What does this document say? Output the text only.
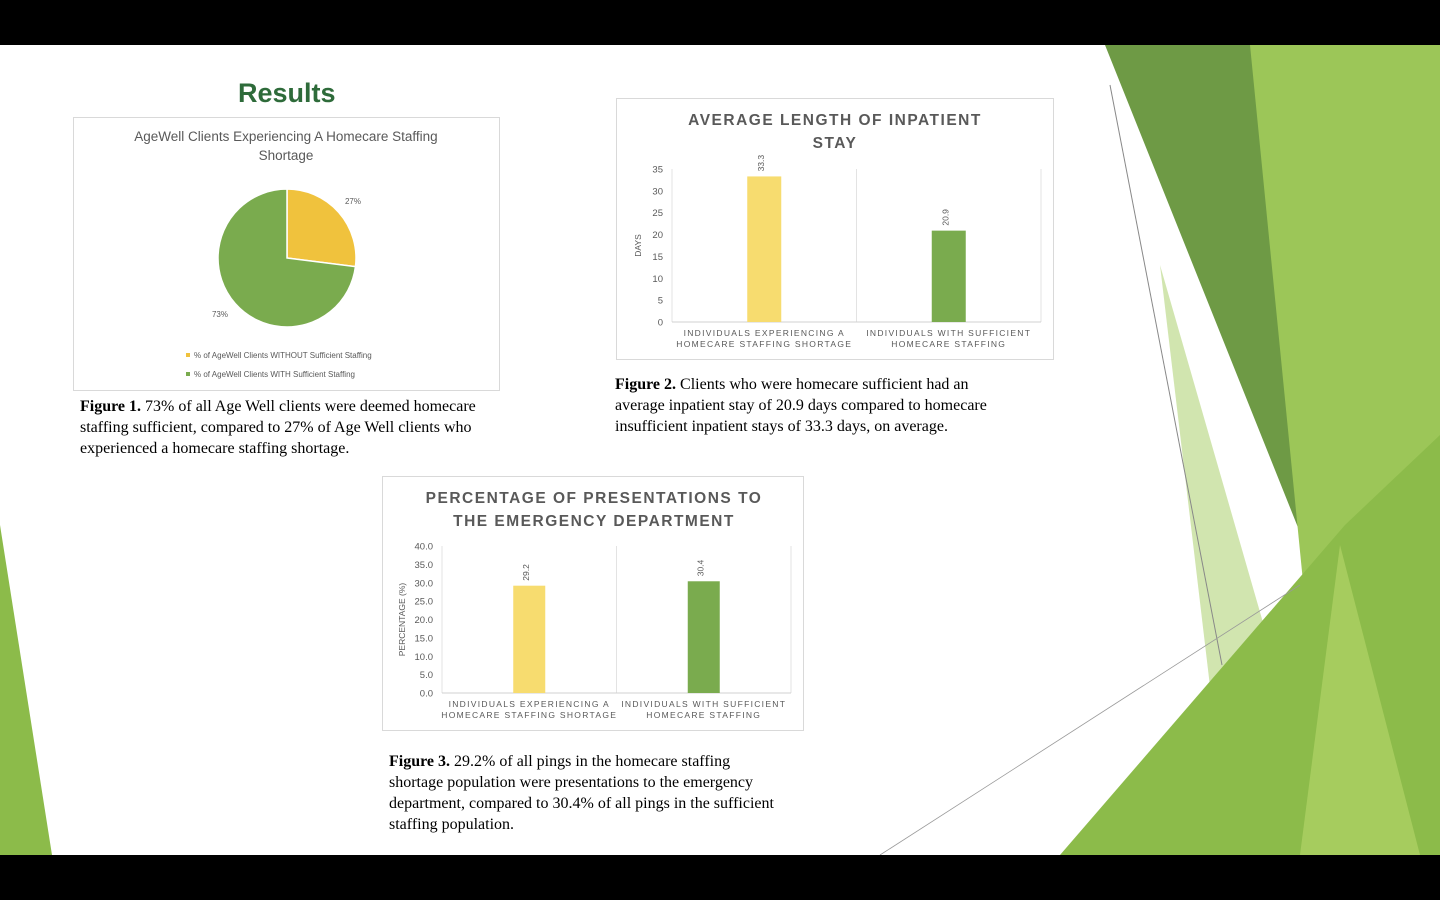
Results
AgeWell Clients Experiencing A Homecare Staffing
Shortage
27%
73%
% of AgeWell Clients WITHOUT Sufficient Staffing
% of AgeWell Clients WITH Sufficient Staffing
Figure 1. 73% of all Age Well clients were deemed homecare staffing sufficient, compared to 27% of Age Well clients who experienced a homecare staffing shortage.
AVERAGE LENGTH OF INPATIENT
STAY
0
5
10
15
20
25
30
35
DAYS
33.3
INDIVIDUALS EXPERIENCING A
HOMECARE STAFFING SHORTAGE
20.9
INDIVIDUALS WITH SUFFICIENT
HOMECARE STAFFING
Figure 2. Clients who were homecare sufficient had an average inpatient stay of 20.9 days compared to homecare insufficient inpatient stays of 33.3 days, on average.
PERCENTAGE OF PRESENTATIONS TO
THE EMERGENCY DEPARTMENT
0.0
5.0
10.0
15.0
20.0
25.0
30.0
35.0
40.0
PERCENTAGE (%)
29.2
INDIVIDUALS EXPERIENCING A
HOMECARE STAFFING SHORTAGE
30.4
INDIVIDUALS WITH SUFFICIENT
HOMECARE STAFFING
Figure 3. 29.2% of all pings in the homecare staffing shortage population were presentations to the emergency department, compared to 30.4% of all pings in the sufficient staffing population.
